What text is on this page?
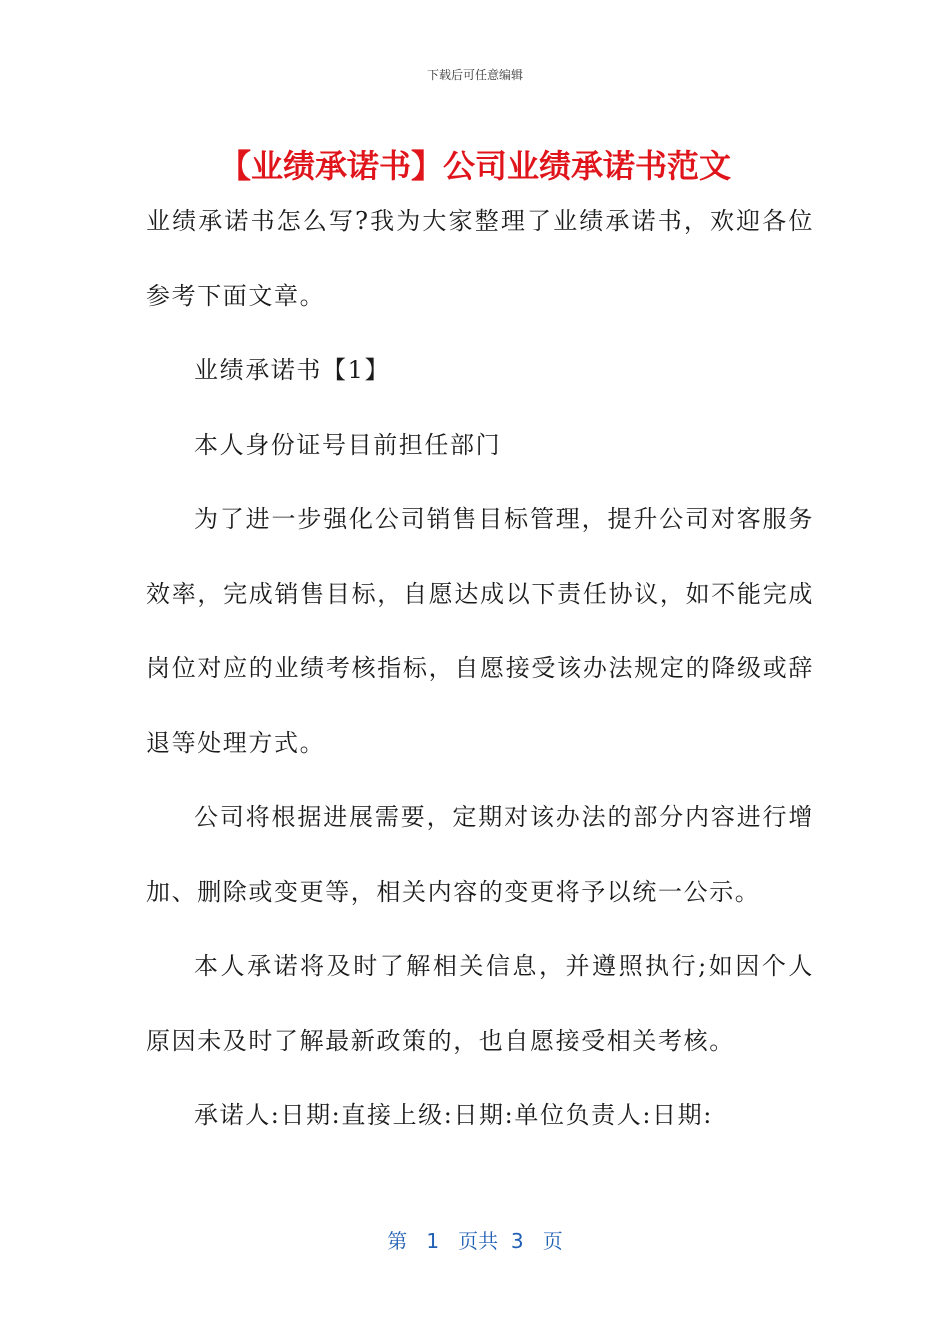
下载后可任意编辑
【业绩承诺书】公司业绩承诺书范文

业绩承诺书怎么写?我为大家整理了业绩承诺书，欢迎各位参考下面文章。

业绩承诺书【1】

本人身份证号目前担任部门

为了进一步强化公司销售目标管理，提升公司对客服务效率，完成销售目标，自愿达成以下责任协议，如不能完成岗位对应的业绩考核指标，自愿接受该办法规定的降级或辞退等处理方式。

公司将根据进展需要，定期对该办法的部分内容进行增加、删除或变更等，相关内容的变更将予以统一公示。

本人承诺将及时了解相关信息，并遵照执行;如因个人原因未及时了解最新政策的，也自愿接受相关考核。

承诺人:日期:直接上级:日期:单位负责人:日期:

第 1 页共 3 页
